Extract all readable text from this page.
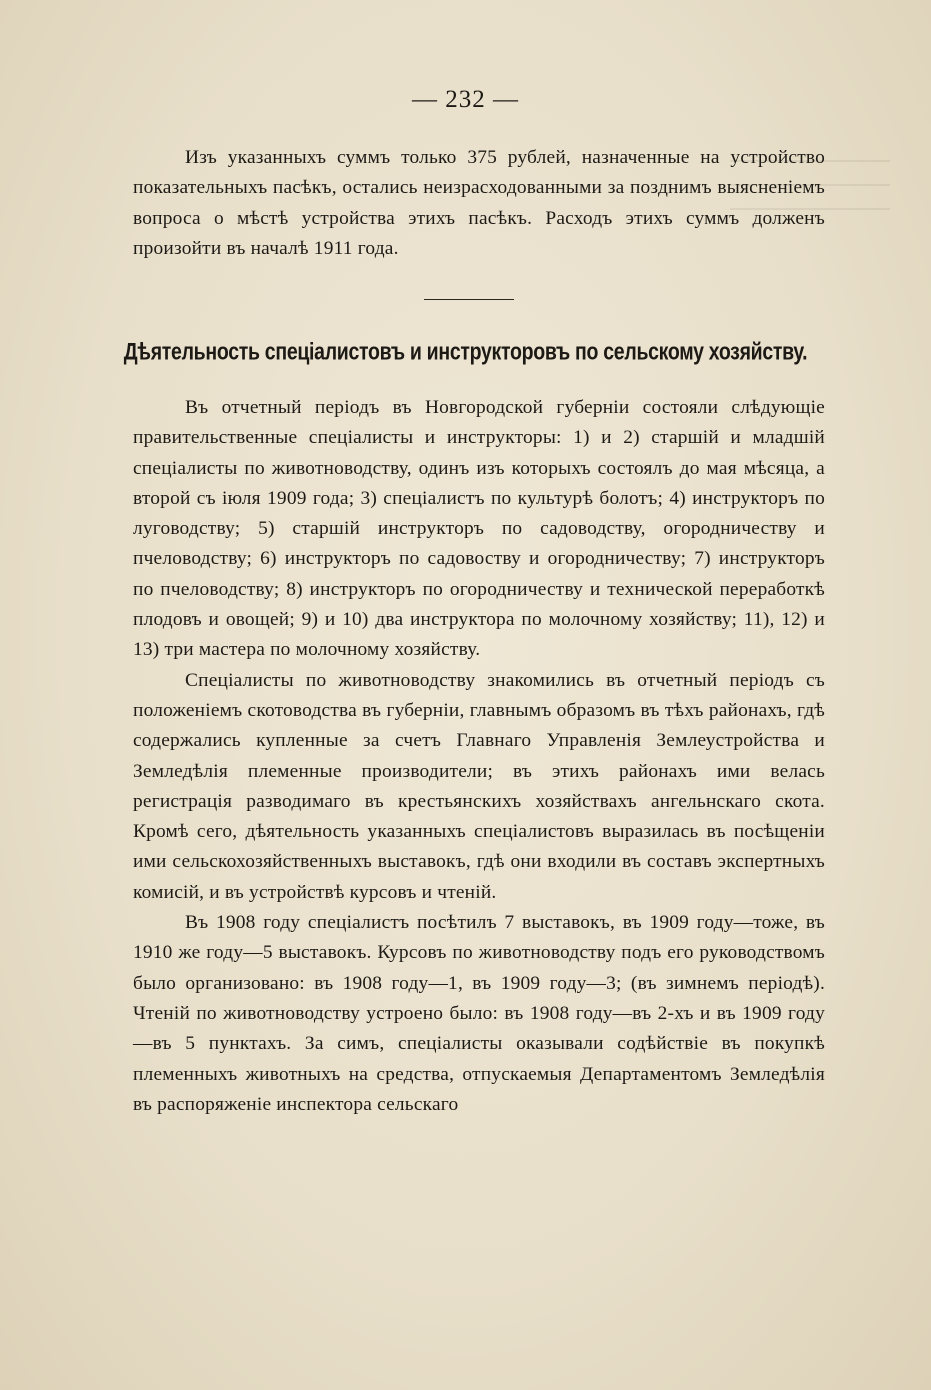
— 232 —

Изъ указанныхъ суммъ только 375 рублей, назначенные на устройство показательныхъ пасѣкъ, остались неизрасходованными за позднимъ выясненіемъ вопроса о мѣстѣ устройства этихъ пасѣкъ. Расходъ этихъ суммъ долженъ произойти въ началѣ 1911 года.

Дѣятельность спеціалистовъ и инструкторовъ по сельскому хозяйству.

Въ отчетный періодъ въ Новгородской губерніи состояли слѣдующіе правительственные спеціалисты и инструкторы: 1) и 2) старшій и младшій спеціалисты по животноводству, одинъ изъ которыхъ состоялъ до мая мѣсяца, а второй съ іюля 1909 года; 3) спеціалистъ по культурѣ болотъ; 4) инструкторъ по луговодству; 5) старшій инструкторъ по садоводству, огородничеству и пчеловодству; 6) инструкторъ по садовоству и огородничеству; 7) инструкторъ по пчеловодству; 8) инструкторъ по огородничеству и технической переработкѣ плодовъ и овощей; 9) и 10) два инструктора по молочному хозяйству; 11), 12) и 13) три мастера по молочному хозяйству.

Спеціалисты по животноводству знакомились въ отчетный періодъ съ положеніемъ скотоводства въ губерніи, главнымъ образомъ въ тѣхъ районахъ, гдѣ содержались купленные за счетъ Главнаго Управленія Землеустройства и Земледѣлія племенные производители; въ этихъ районахъ ими велась регистрація разводимаго въ крестьянскихъ хозяйствахъ ангельнскаго скота. Кромѣ сего, дѣятельность указанныхъ спеціалистовъ выразилась въ посѣщеніи ими сельскохозяйственныхъ выставокъ, гдѣ они входили въ составъ экспертныхъ комисій, и въ устройствѣ курсовъ и чтеній.

Въ 1908 году спеціалистъ посѣтилъ 7 выставокъ, въ 1909 году—тоже, въ 1910 же году—5 выставокъ. Курсовъ по животноводству подъ его руководствомъ было организовано: въ 1908 году—1, въ 1909 году—3; (въ зимнемъ періодѣ). Чтеній по животноводству устроено было: въ 1908 году—въ 2-хъ и въ 1909 году—въ 5 пунктахъ. За симъ, спеціалисты оказывали содѣйствіе въ покупкѣ племенныхъ животныхъ на средства, отпускаемыя Департаментомъ Земледѣлія въ распоряженіе инспектора сельскаго
